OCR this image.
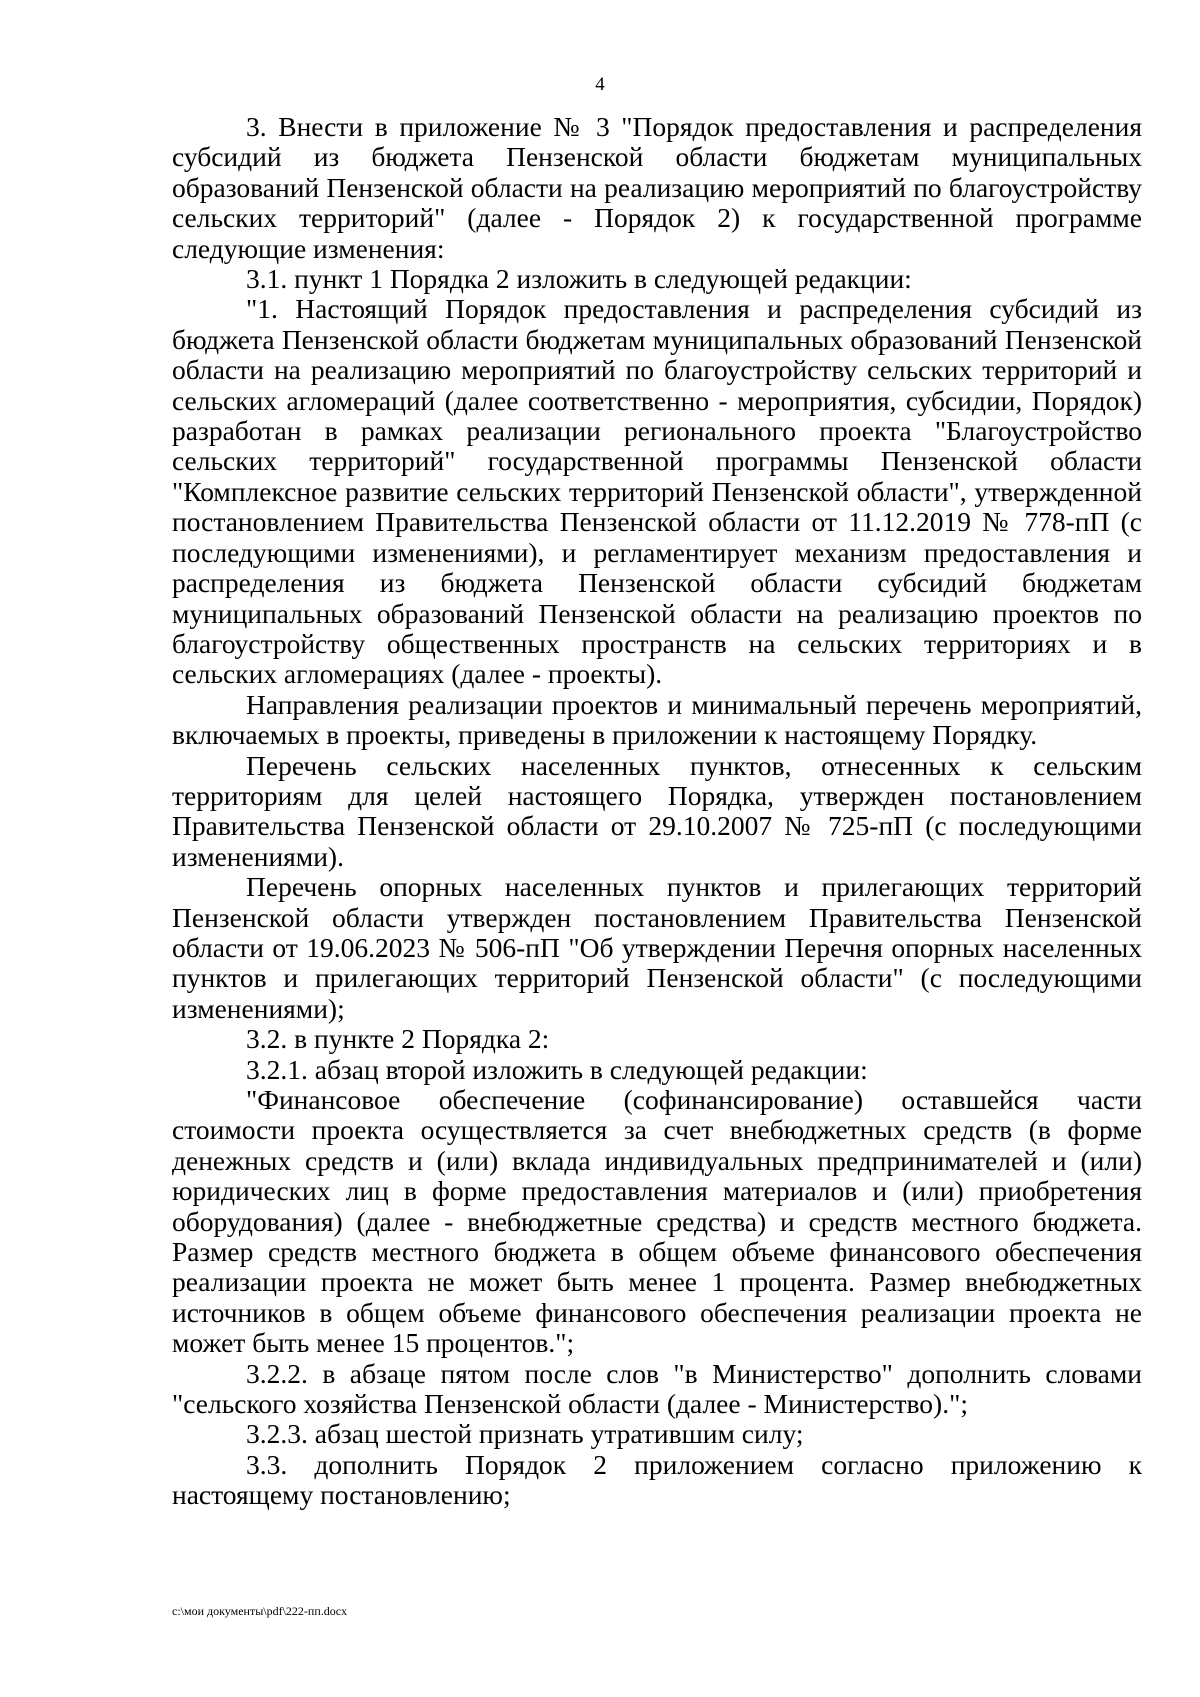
4

3. Внести в приложение № 3 "Порядок предоставления и распределения субсидий из бюджета Пензенской области бюджетам муниципальных образований Пензенской области на реализацию мероприятий по благоустройству сельских территорий" (далее - Порядок 2) к государственной программе следующие изменения:

3.1. пункт 1 Порядка 2 изложить в следующей редакции:

"1. Настоящий Порядок предоставления и распределения субсидий из бюджета Пензенской области бюджетам муниципальных образований Пензенской области на реализацию мероприятий по благоустройству сельских территорий и сельских агломераций (далее соответственно - мероприятия, субсидии, Порядок) разработан в рамках реализации регионального проекта "Благоустройство сельских территорий" государственной программы Пензенской области "Комплексное развитие сельских территорий Пензенской области", утвержденной постановлением Правительства Пензенской области от 11.12.2019 № 778-пП (с последующими изменениями), и регламентирует механизм предоставления и распределения из бюджета Пензенской области субсидий бюджетам муниципальных образований Пензенской области на реализацию проектов по благоустройству общественных пространств на сельских территориях и в сельских агломерациях (далее - проекты).

Направления реализации проектов и минимальный перечень мероприятий, включаемых в проекты, приведены в приложении к настоящему Порядку.

Перечень сельских населенных пунктов, отнесенных к сельским территориям для целей настоящего Порядка, утвержден постановлением Правительства Пензенской области от 29.10.2007 № 725-пП (с последующими изменениями).

Перечень опорных населенных пунктов и прилегающих территорий Пензенской области утвержден постановлением Правительства Пензенской области от 19.06.2023 № 506-пП "Об утверждении Перечня опорных населенных пунктов и прилегающих территорий Пензенской области" (с последующими изменениями);

3.2. в пункте 2 Порядка 2:

3.2.1. абзац второй изложить в следующей редакции:

"Финансовое обеспечение (софинансирование) оставшейся части стоимости проекта осуществляется за счет внебюджетных средств (в форме денежных средств и (или) вклада индивидуальных предпринимателей и (или) юридических лиц в форме предоставления материалов и (или) приобретения оборудования) (далее - внебюджетные средства) и средств местного бюджета. Размер средств местного бюджета в общем объеме финансового обеспечения реализации проекта не может быть менее 1 процента. Размер внебюджетных источников в общем объеме финансового обеспечения реализации проекта не может быть менее 15 процентов.";

3.2.2. в абзаце пятом после слов "в Министерство" дополнить словами "сельского хозяйства Пензенской области (далее - Министерство).";

3.2.3. абзац шестой признать утратившим силу;

3.3. дополнить Порядок 2 приложением согласно приложению к настоящему постановлению;

c:\мои документы\pdf\222-пп.docx
